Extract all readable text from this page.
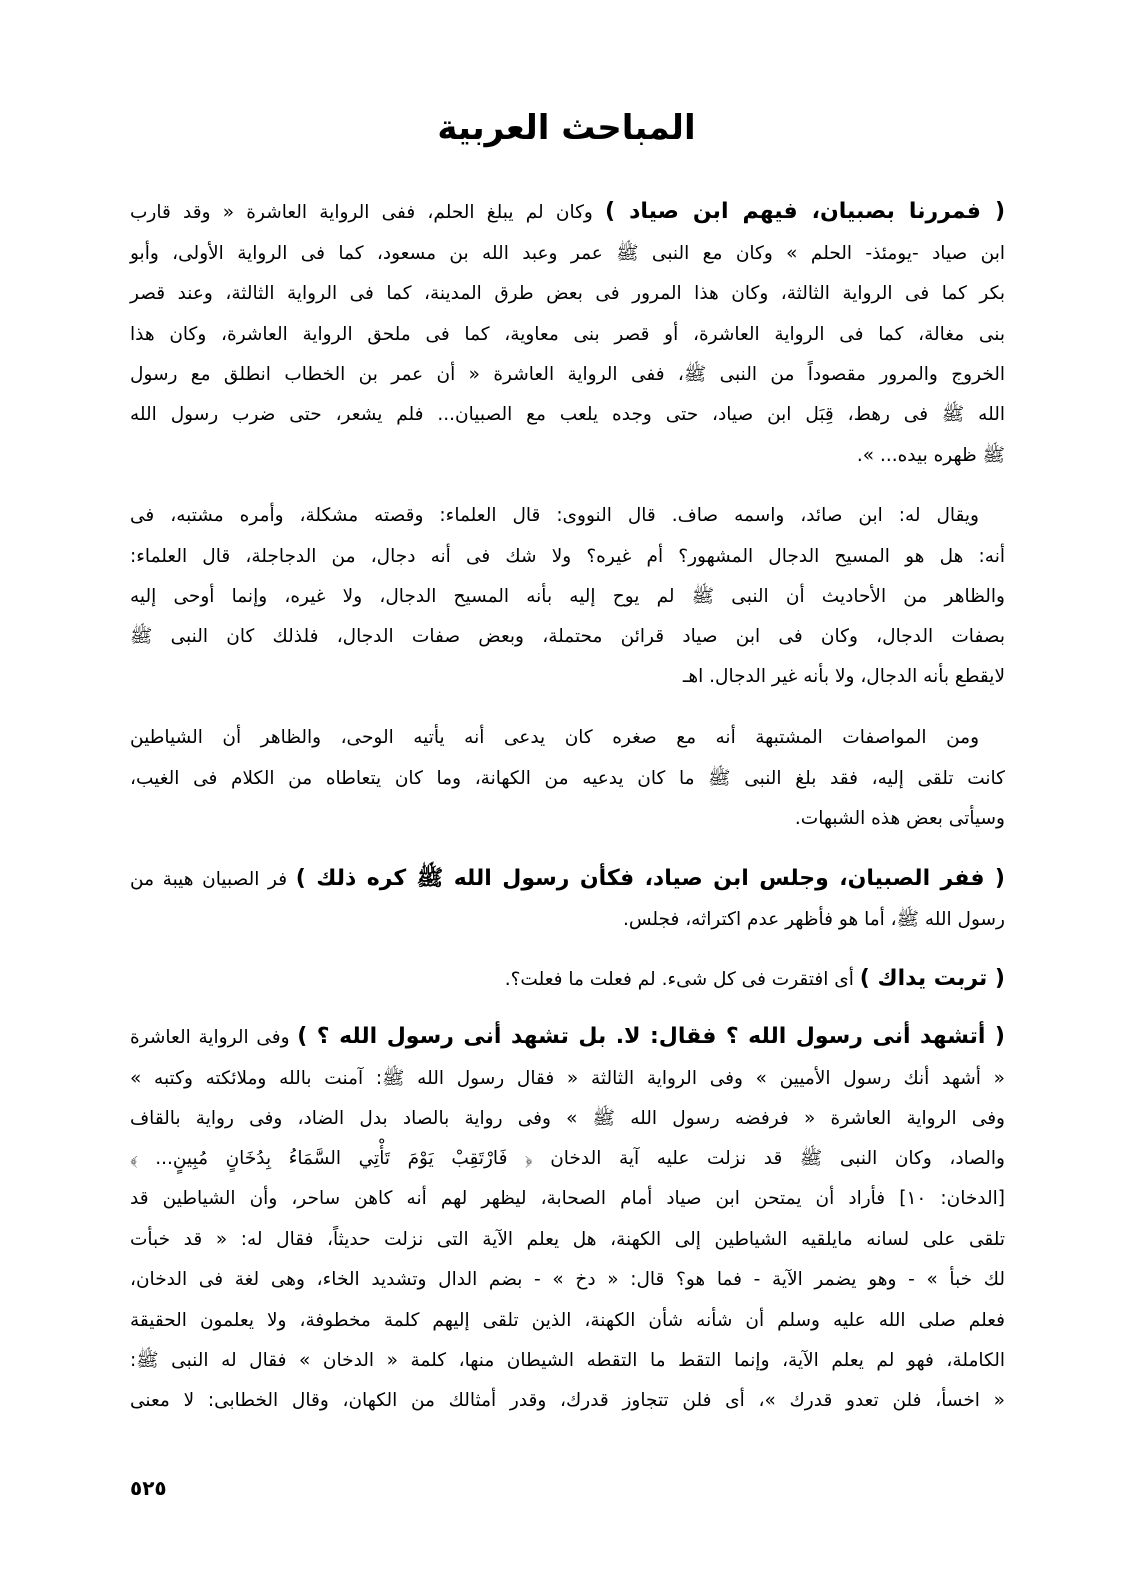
المباحث العربية
( فمررنا بصبيان، فيهم ابن صياد ) وكان لم يبلغ الحلم، ففى الرواية العاشرة « وقد قارب
ابن صياد -يومئذ- الحلم » وكان مع النبى ﷺ عمر وعبد الله بن مسعود، كما فى الرواية الأولى، وأبو
بكر كما فى الرواية الثالثة، وكان هذا المرور فى بعض طرق المدينة، كما فى الرواية الثالثة، وعند قصر
بنى مغالة، كما فى الرواية العاشرة، أو قصر بنى معاوية، كما فى ملحق الرواية العاشرة، وكان هذا
الخروج والمرور مقصوداً من النبى ﷺ، ففى الرواية العاشرة « أن عمر بن الخطاب انطلق مع رسول
الله ﷺ فى رهط، قِبَل ابن صياد، حتى وجده يلعب مع الصبيان... فلم يشعر، حتى ضرب رسول الله
ﷺ ظهره بيده... ».
ويقال له: ابن صائد، واسمه صاف. قال النووى: قال العلماء: وقصته مشكلة، وأمره مشتبه، فى
أنه: هل هو المسيح الدجال المشهور؟ أم غيره؟ ولا شك فى أنه دجال، من الدجاجلة، قال العلماء:
والظاهر من الأحاديث أن النبى ﷺ لم يوح إليه بأنه المسيح الدجال، ولا غيره، وإنما أوحى إليه
بصفات الدجال، وكان فى ابن صياد قرائن محتملة، وبعض صفات الدجال، فلذلك كان النبى ﷺ
لايقطع بأنه الدجال، ولا بأنه غير الدجال. اهـ
ومن المواصفات المشتبهة أنه مع صغره كان يدعى أنه يأتيه الوحى، والظاهر أن الشياطين
كانت تلقى إليه، فقد بلغ النبى ﷺ ما كان يدعيه من الكهانة، وما كان يتعاطاه من الكلام فى الغيب،
وسيأتى بعض هذه الشبهات.
( ففر الصبيان، وجلس ابن صياد، فكأن رسول الله ﷺ كره ذلك ) فر الصبيان هيبة من
رسول الله ﷺ، أما هو فأظهر عدم اكتراثه، فجلس.
( تربت يداك ) أى افتقرت فى كل شىء. لم فعلت ما فعلت؟.
( أتشهد أنى رسول الله ؟ فقال: لا. بل تشهد أنى رسول الله ؟ ) وفى الرواية العاشرة
« أشهد أنك رسول الأميين » وفى الرواية الثالثة « فقال رسول الله ﷺ: آمنت بالله وملائكته وكتبه »
وفى الرواية العاشرة « فرفضه رسول الله ﷺ » وفى رواية بالصاد بدل الضاد، وفى رواية بالقاف
والصاد، وكان النبى ﷺ قد نزلت عليه آية الدخان ﴿ فَارْتَقِبْ يَوْمَ تَأْتِي السَّمَاءُ بِدُخَانٍ مُبِينٍ... ﴾
[الدخان: ١٠] فأراد أن يمتحن ابن صياد أمام الصحابة، ليظهر لهم أنه كاهن ساحر، وأن الشياطين قد
تلقى على لسانه مايلقيه الشياطين إلى الكهنة، هل يعلم الآية التى نزلت حديثاً، فقال له: « قد خبأت
لك خبأ » - وهو يضمر الآية - فما هو؟ قال: « دخ » - بضم الدال وتشديد الخاء، وهى لغة فى الدخان،
فعلم صلى الله عليه وسلم أن شأنه شأن الكهنة، الذين تلقى إليهم كلمة مخطوفة، ولا يعلمون الحقيقة
الكاملة، فهو لم يعلم الآية، وإنما التقط ما التقطه الشيطان منها، كلمة « الدخان » فقال له النبى ﷺ:
« اخسأ، فلن تعدو قدرك »، أى فلن تتجاوز قدرك، وقدر أمثالك من الكهان، وقال الخطابى: لا معنى
٥٢٥
